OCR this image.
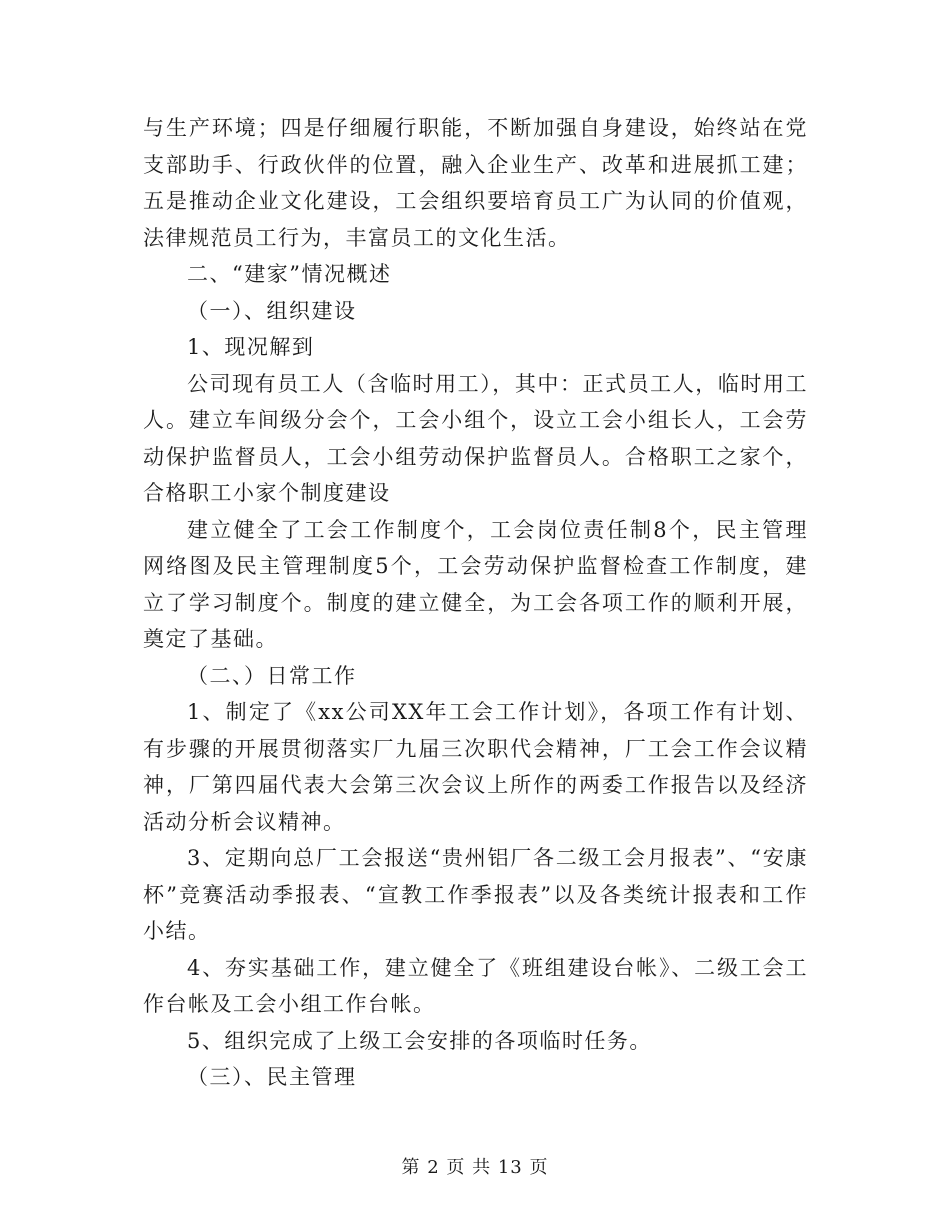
与生产环境；四是仔细履行职能，不断加强自身建设，始终站在党支部助手、行政伙伴的位置，融入企业生产、改革和进展抓工建；五是推动企业文化建设，工会组织要培育员工广为认同的价值观，法律规范员工行为，丰富员工的文化生活。

二、“建家”情况概述

（一）、组织建设

1、现况解到

公司现有员工人（含临时用工），其中：正式员工人，临时用工人。建立车间级分会个，工会小组个，设立工会小组长人，工会劳动保护监督员人，工会小组劳动保护监督员人。合格职工之家个，合格职工小家个制度建设

建立健全了工会工作制度个，工会岗位责任制8个，民主管理网络图及民主管理制度5个，工会劳动保护监督检查工作制度，建立了学习制度个。制度的建立健全，为工会各项工作的顺利开展，奠定了基础。

（二、）日常工作

1、制定了《xx公司XX年工会工作计划》，各项工作有计划、有步骤的开展贯彻落实厂九届三次职代会精神，厂工会工作会议精神，厂第四届代表大会第三次会议上所作的两委工作报告以及经济活动分析会议精神。

3、定期向总厂工会报送“贵州铝厂各二级工会月报表”、“安康杯”竞赛活动季报表、“宣教工作季报表”以及各类统计报表和工作小结。

4、夯实基础工作，建立健全了《班组建设台帐》、二级工会工作台帐及工会小组工作台帐。

5、组织完成了上级工会安排的各项临时任务。

（三）、民主管理

第 2 页 共 13 页
